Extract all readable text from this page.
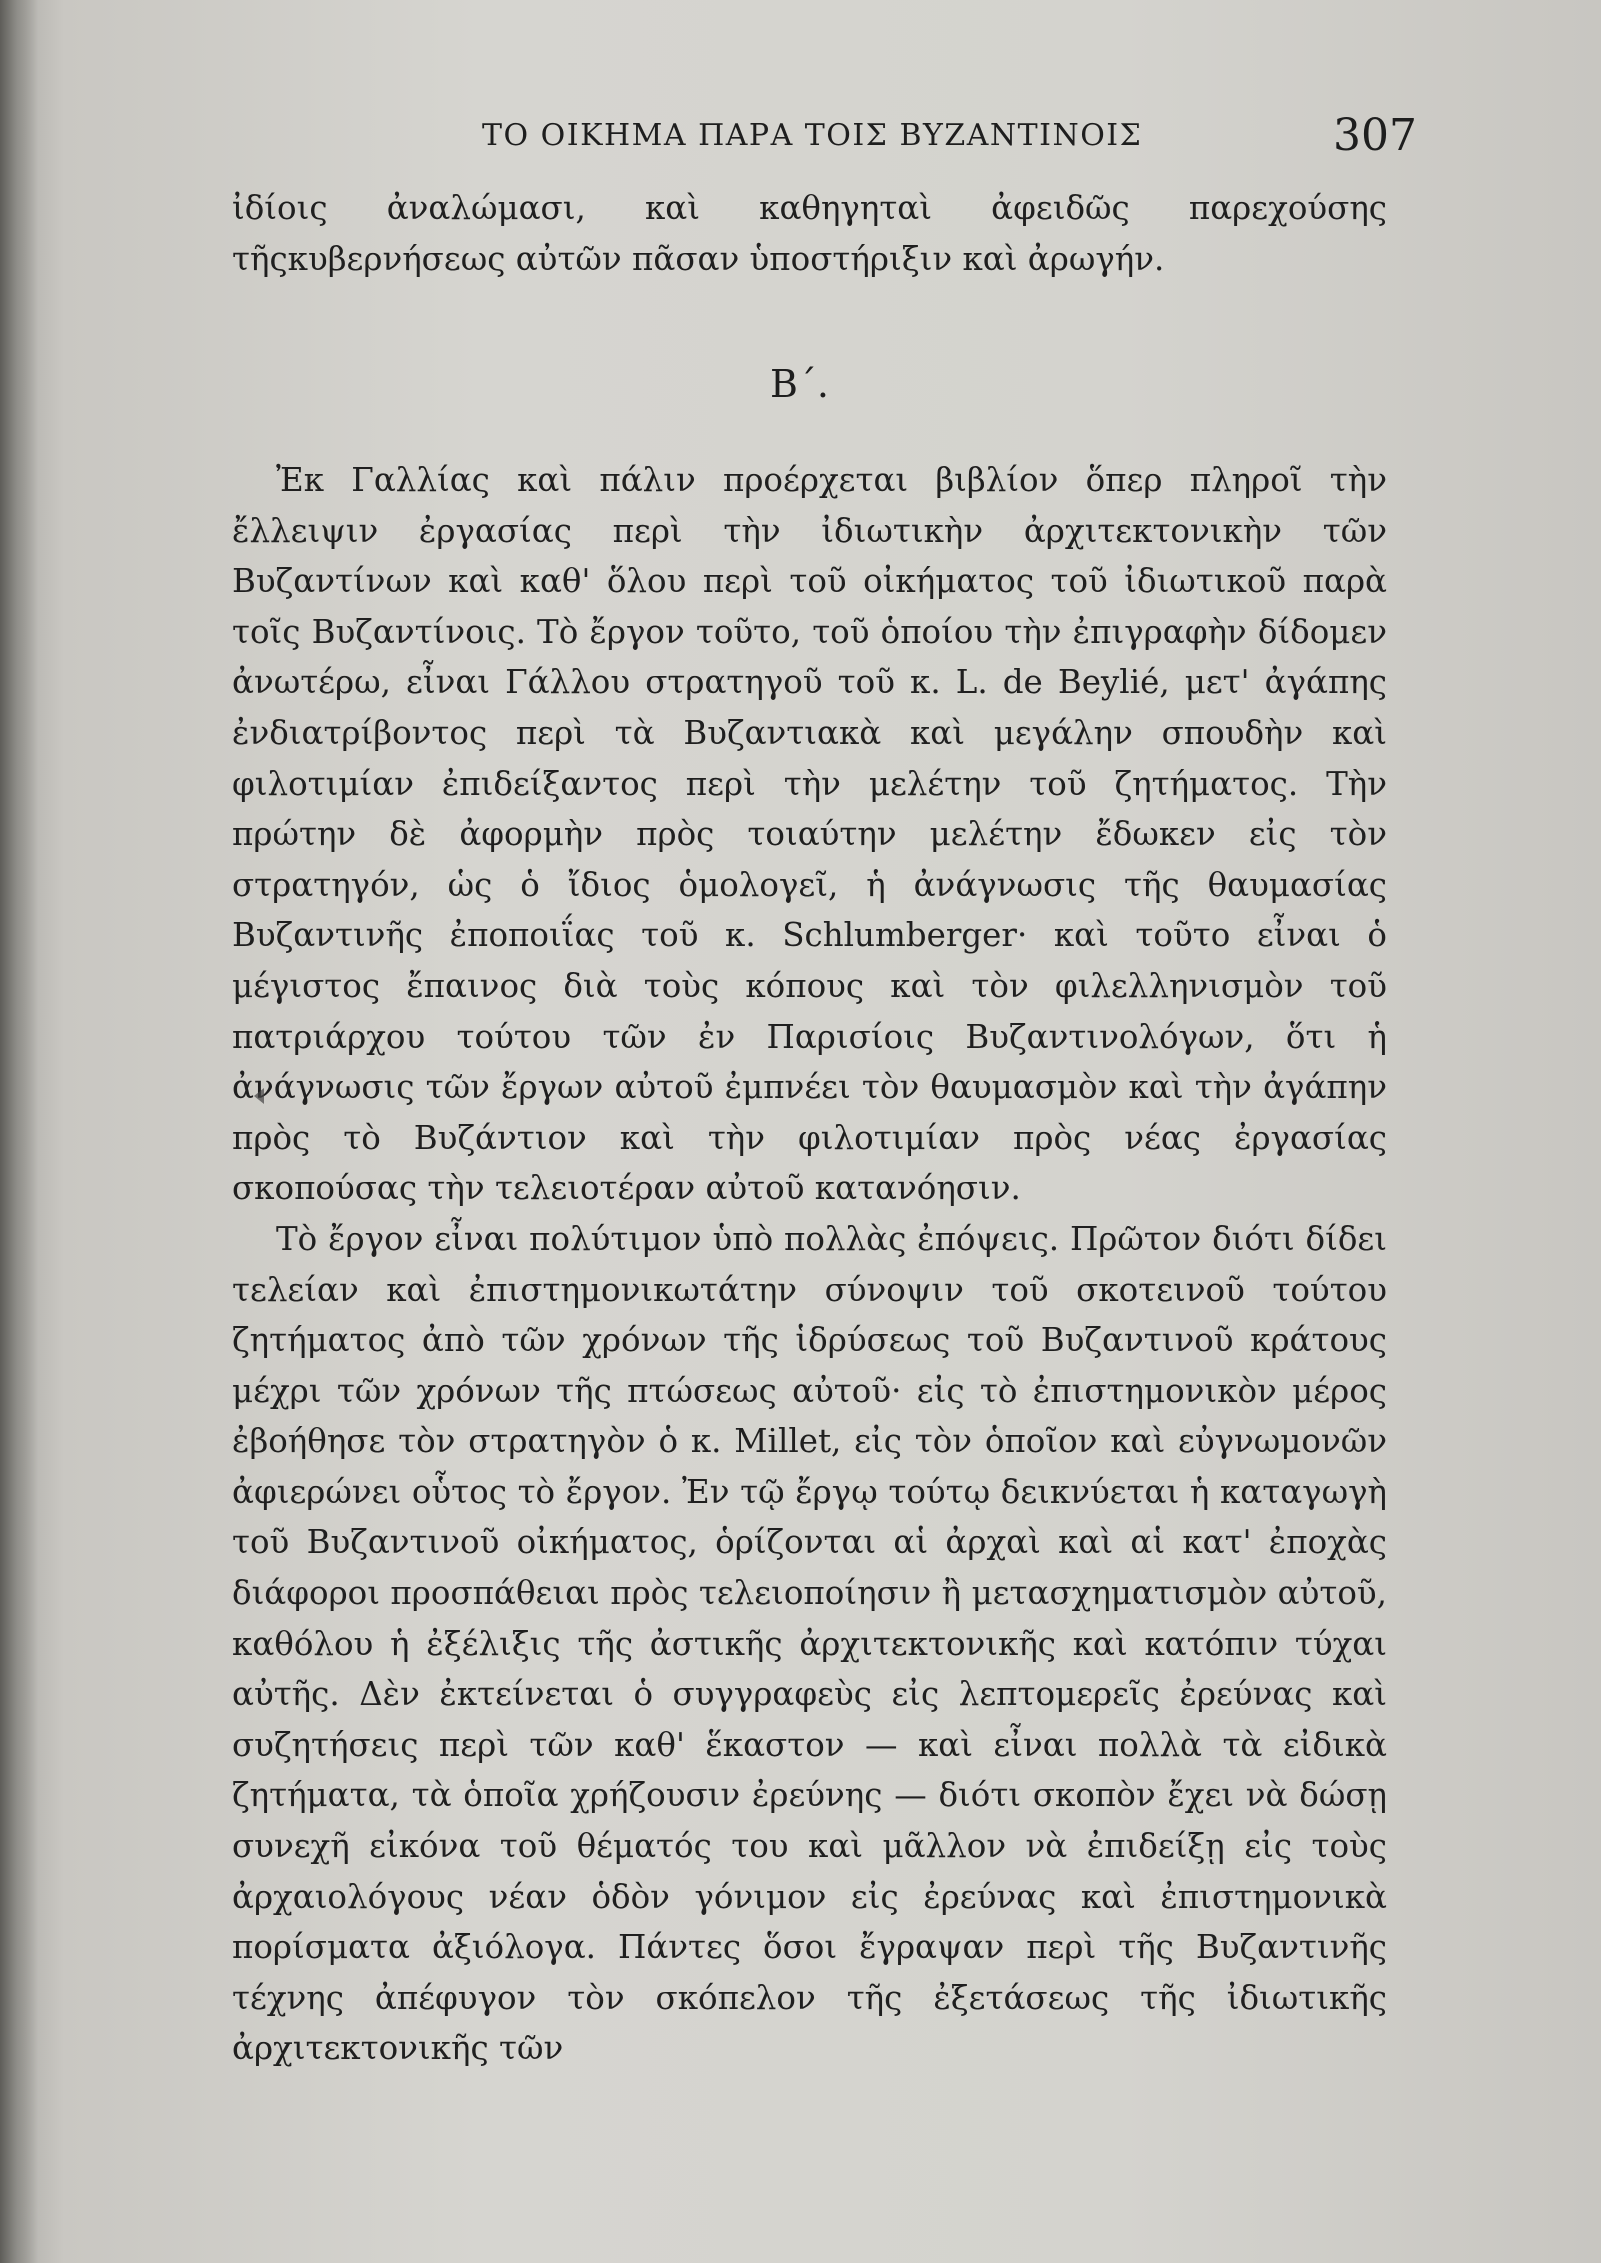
ΤΟ ΟΙΚΗΜΑ ΠΑΡΑ ΤΟΙΣ ΒΥΖΑΝΤΙΝΟΙΣ	307
ἰδίοις ἀναλώμασι, καὶ καθηγηταὶ ἀφειδῶς παρεχούσης τῆςκυβερνήσεως αὐτῶν πᾶσαν ὑποστήριξιν καὶ ἀρωγήν.
Β΄.

Ἐκ Γαλλίας καὶ πάλιν προέρχεται βιβλίον ὅπερ πληροῖ τὴν ἔλλειψιν ἐργασίας περὶ τὴν ἰδιωτικὴν ἀρχιτεκτονικὴν τῶν Βυζαντίνων καὶ καθ' ὅλου περὶ τοῦ οἰκήματος τοῦ ἰδιωτικοῦ παρὰ τοῖς Βυζαντίνοις. Τὸ ἔργον τοῦτο, τοῦ ὁποίου τὴν ἐπιγραφὴν δίδομεν ἀνωτέρω, εἶναι Γάλλου στρατηγοῦ τοῦ κ. L. de Beylié, μετ' ἀγάπης ἐνδιατρίβοντος περὶ τὰ Βυζαντιακὰ καὶ μεγάλην σπουδὴν καὶ φιλοτιμίαν ἐπιδείξαντος περὶ τὴν μελέτην τοῦ ζητήματος. Τὴν πρώτην δὲ ἀφορμὴν πρὸς τοιαύτην μελέτην ἔδωκεν εἰς τὸν στρατηγόν, ὡς ὁ ἴδιος ὁμολογεῖ, ἡ ἀνάγνωσις τῆς θαυμασίας Βυζαντινῆς ἐποποιΐας τοῦ κ. Schlumberger· καὶ τοῦτο εἶναι ὁ μέγιστος ἔπαινος διὰ τοὺς κόπους καὶ τὸν φιλελληνισμὸν τοῦ πατριάρχου τούτου τῶν ἐν Παρισίοις Βυζαντινολόγων, ὅτι ἡ ἀνάγνωσις τῶν ἔργων αὐτοῦ ἐμπνέει τὸν θαυμασμὸν καὶ τὴν ἀγάπην πρὸς τὸ Βυζάντιον καὶ τὴν φιλοτιμίαν πρὸς νέας ἐργασίας σκοπούσας τὴν τελειοτέραν αὐτοῦ κατανόησιν.

Τὸ ἔργον εἶναι πολύτιμον ὑπὸ πολλὰς ἐπόψεις. Πρῶτον διότι δίδει τελείαν καὶ ἐπιστημονικωτάτην σύνοψιν τοῦ σκοτεινοῦ τούτου ζητήματος ἀπὸ τῶν χρόνων τῆς ἱδρύσεως τοῦ Βυζαντινοῦ κράτους μέχρι τῶν χρόνων τῆς πτώσεως αὐτοῦ· εἰς τὸ ἐπιστημονικὸν μέρος ἐβοήθησε τὸν στρατηγὸν ὁ κ. Millet, εἰς τὸν ὁποῖον καὶ εὐγνωμονῶν ἀφιερώνει οὗτος τὸ ἔργον. Ἐν τῷ ἔργῳ τούτῳ δεικνύεται ἡ καταγωγὴ τοῦ Βυζαντινοῦ οἰκήματος, ὁρίζονται αἱ ἀρχαὶ καὶ αἱ κατ' ἐποχὰς διάφοροι προσπάθειαι πρὸς τελειοποίησιν ἢ μετασχηματισμὸν αὐτοῦ, καθόλου ἡ ἐξέλιξις τῆς ἀστικῆς ἀρχιτεκτονικῆς καὶ κατόπιν τύχαι αὐτῆς. Δὲν ἐκτείνεται ὁ συγγραφεὺς εἰς λεπτομερεῖς ἐρεύνας καὶ συζητήσεις περὶ τῶν καθ' ἕκαστον — καὶ εἶναι πολλὰ τὰ εἰδικὰ ζητήματα, τὰ ὁποῖα χρήζουσιν ἐρεύνης — διότι σκοπὸν ἔχει νὰ δώσῃ συνεχῆ εἰκόνα τοῦ θέματός του καὶ μᾶλλον νὰ ἐπιδείξῃ εἰς τοὺς ἀρχαιολόγους νέαν ὁδὸν γόνιμον εἰς ἐρεύνας καὶ ἐπιστημονικὰ πορίσματα ἀξιόλογα. Πάντες ὅσοι ἔγραψαν περὶ τῆς Βυζαντινῆς τέχνης ἀπέφυγον τὸν σκόπελον τῆς ἐξετάσεως τῆς ἰδιωτικῆς ἀρχιτεκτονικῆς τῶν
